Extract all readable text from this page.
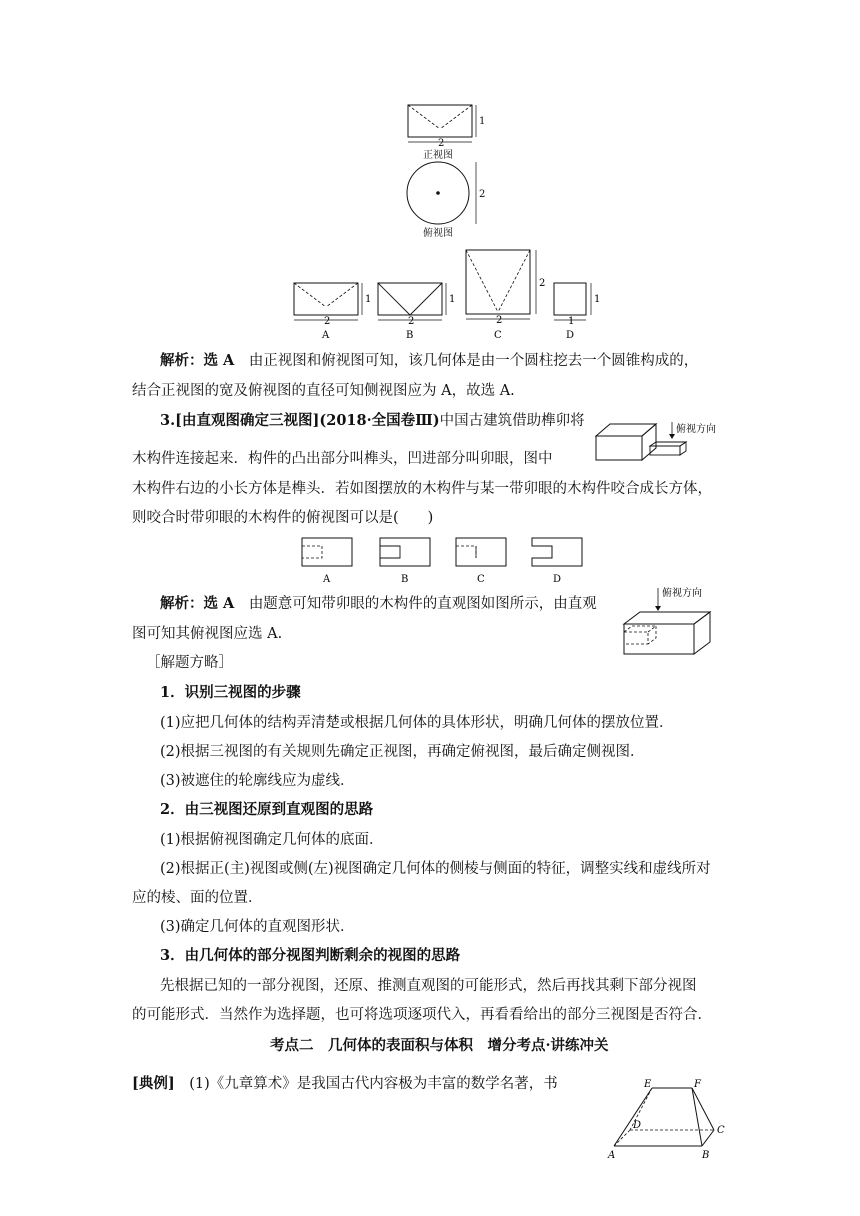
2
1
正视图
2
俯视图
2
1
A
2
1
B
2
2
C
1
1
D
解析：选 A　 由正视图和俯视图可知，该几何体是由一个圆柱挖去一个圆锥构成的，
结合正视图的宽及俯视图的直径可知侧视图应为 A，故选 A.
3.[由直观图确定三视图](2018·全国卷Ⅲ)中国古建筑借助榫卯将
木构件连接起来．构件的凸出部分叫榫头，凹进部分叫卯眼，图中
木构件右边的小长方体是榫头．若如图摆放的木构件与某一带卯眼的木构件咬合成长方体，
则咬合时带卯眼的木构件的俯视图可以是(　　)
俯视方向
A	B	C	D
解析：选 A　 由题意可知带卯眼的木构件的直观图如图所示，由直观
图可知其俯视图应选 A.
俯视方向
［解题方略］
1．识别三视图的步骤
(1)应把几何体的结构弄清楚或根据几何体的具体形状，明确几何体的摆放位置．
(2)根据三视图的有关规则先确定正视图，再确定俯视图，最后确定侧视图．
(3)被遮住的轮廓线应为虚线．
2．由三视图还原到直观图的思路
(1)根据俯视图确定几何体的底面．
(2)根据正(主)视图或侧(左)视图确定几何体的侧棱与侧面的特征，调整实线和虚线所对
应的棱、面的位置．
(3)确定几何体的直观图形状．
3．由几何体的部分视图判断剩余的视图的思路
先根据已知的一部分视图，还原、推测直观图的可能形式，然后再找其剩下部分视图
的可能形式．当然作为选择题，也可将选项逐项代入，再看看给出的部分三视图是否符合．
考点二　几何体的表面积与体积　增分考点·讲练冲关
[典例]　 (1)《九章算术》是我国古代内容极为丰富的数学名著，书	E	F
D	C
A	B
